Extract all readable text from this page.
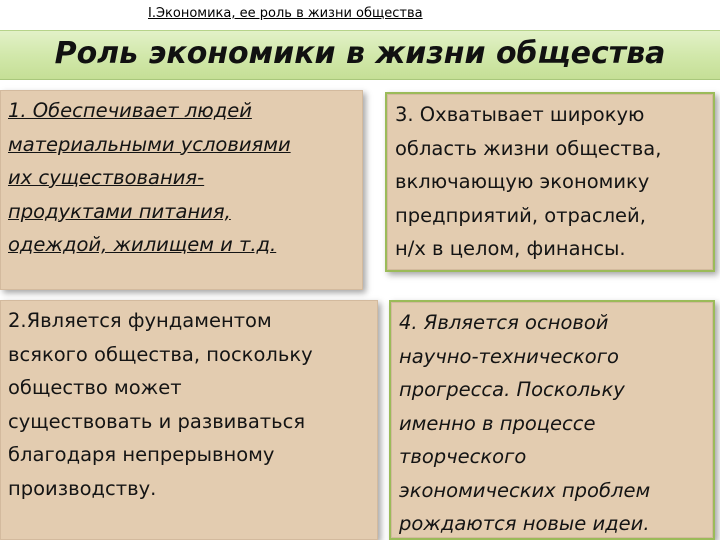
I.Экономика, ее роль в жизни общества
Роль экономики в жизни общества
1. Обеспечивает людей
материальными условиями
их существования-
продуктами питания,
одеждой, жилищем и т.д.
3. Охватывает широкую
область жизни общества,
включающую экономику
предприятий, отраслей,
н/х в целом, финансы.
2.Является фундаментом
всякого общества, поскольку
общество может
существовать и развиваться
благодаря непрерывному
производству.
4. Является основой
научно-технического
прогресса. Поскольку
именно в процессе
творческого
экономических проблем
рождаются новые идеи.
